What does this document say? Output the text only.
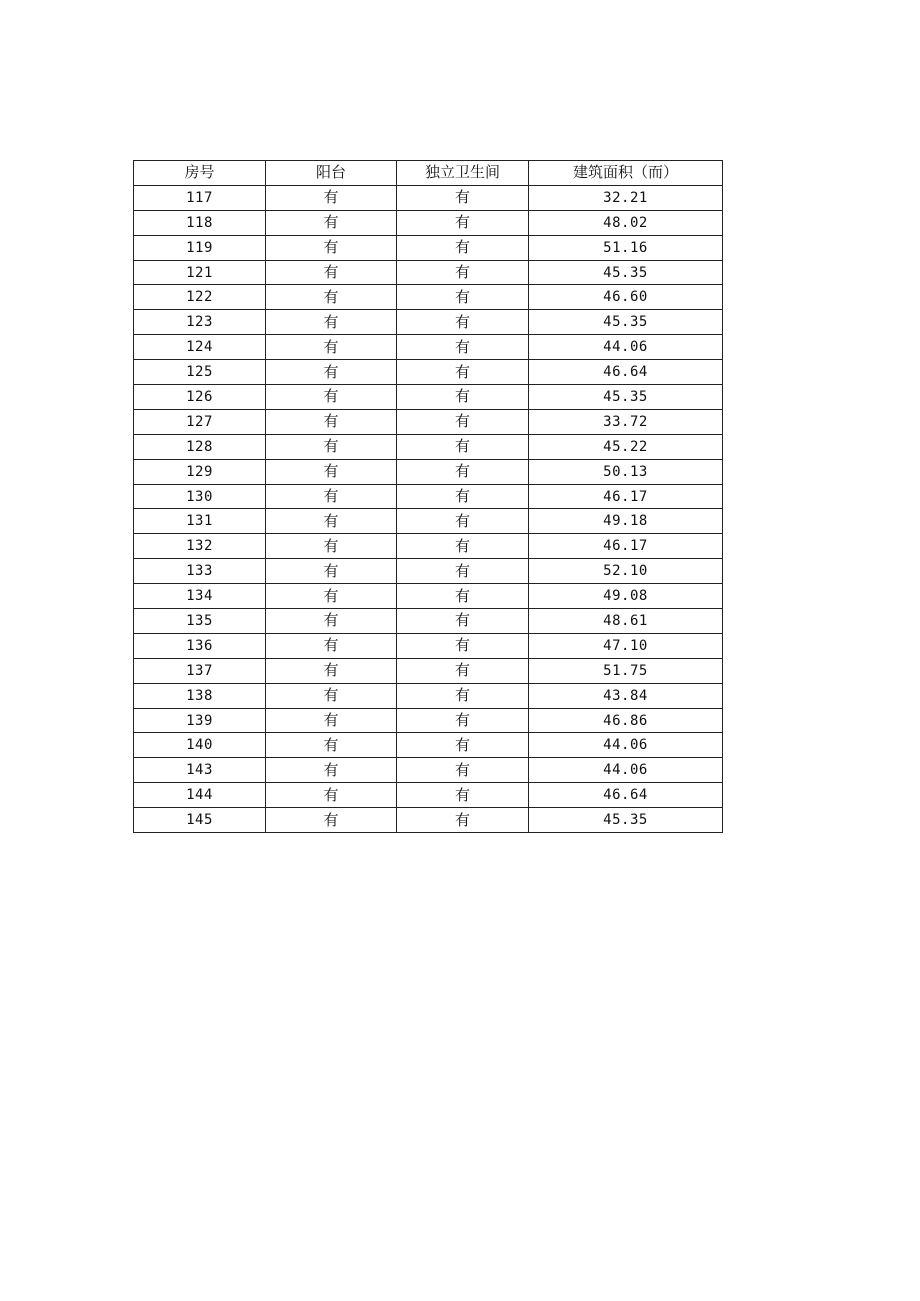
房号	阳台	独立卫生间	建筑面积（而）
117	有	有	32.21
118	有	有	48.02
119	有	有	51.16
121	有	有	45.35
122	有	有	46.60
123	有	有	45.35
124	有	有	44.06
125	有	有	46.64
126	有	有	45.35
127	有	有	33.72
128	有	有	45.22
129	有	有	50.13
130	有	有	46.17
131	有	有	49.18
132	有	有	46.17
133	有	有	52.10
134	有	有	49.08
135	有	有	48.61
136	有	有	47.10
137	有	有	51.75
138	有	有	43.84
139	有	有	46.86
140	有	有	44.06
143	有	有	44.06
144	有	有	46.64
145	有	有	45.35
